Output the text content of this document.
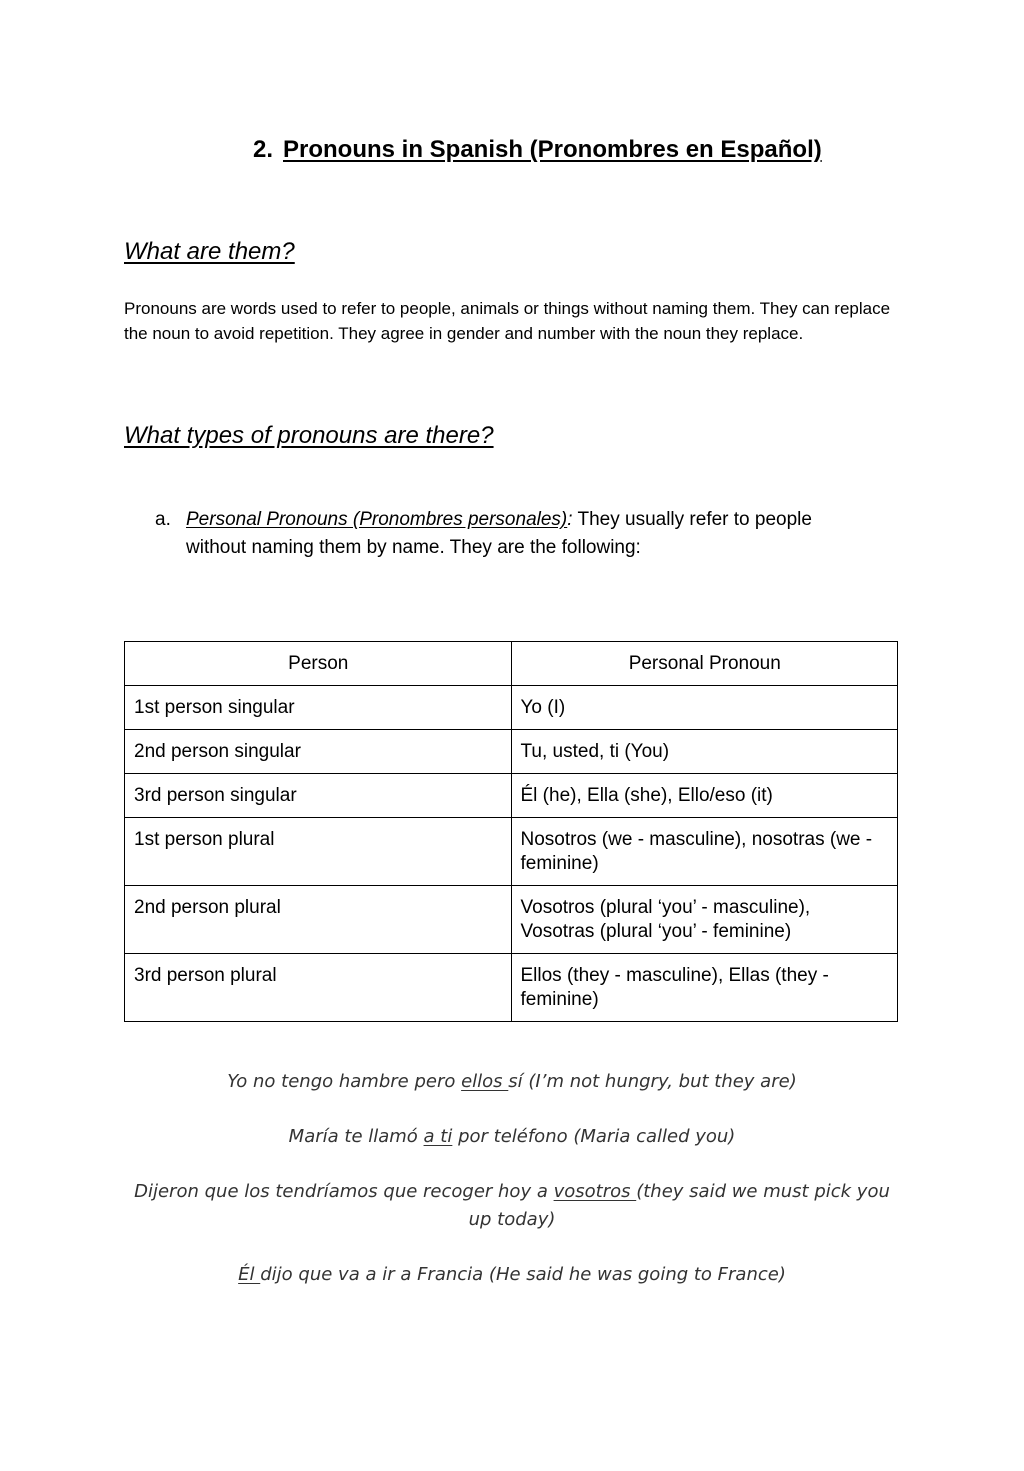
2. Pronouns in Spanish (Pronombres en Español)
What are them?

Pronouns are words used to refer to people, animals or things without naming them. They can replace the noun to avoid repetition. They agree in gender and number with the noun they replace.

What types of pronouns are there?
a. Personal Pronouns (Pronombres personales): They usually refer to people without naming them by name. They are the following:
Person	Personal Pronoun
1st person singular	Yo (I)
2nd person singular	Tu, usted, ti (You)
3rd person singular	Él (he), Ella (she), Ello/eso (it)
1st person plural	Nosotros (we - masculine), nosotras (we - feminine)
2nd person plural	Vosotros (plural ‘you’ - masculine), Vosotras (plural ‘you’ - feminine)
3rd person plural	Ellos (they - masculine), Ellas (they - feminine)

Yo no tengo hambre pero ellos sí (I’m not hungry, but they are)

María te llamó a ti por teléfono (Maria called you)

Dijeron que los tendríamos que recoger hoy a vosotros (they said we must pick you up today)

Él dijo que va a ir a Francia (He said he was going to France)
